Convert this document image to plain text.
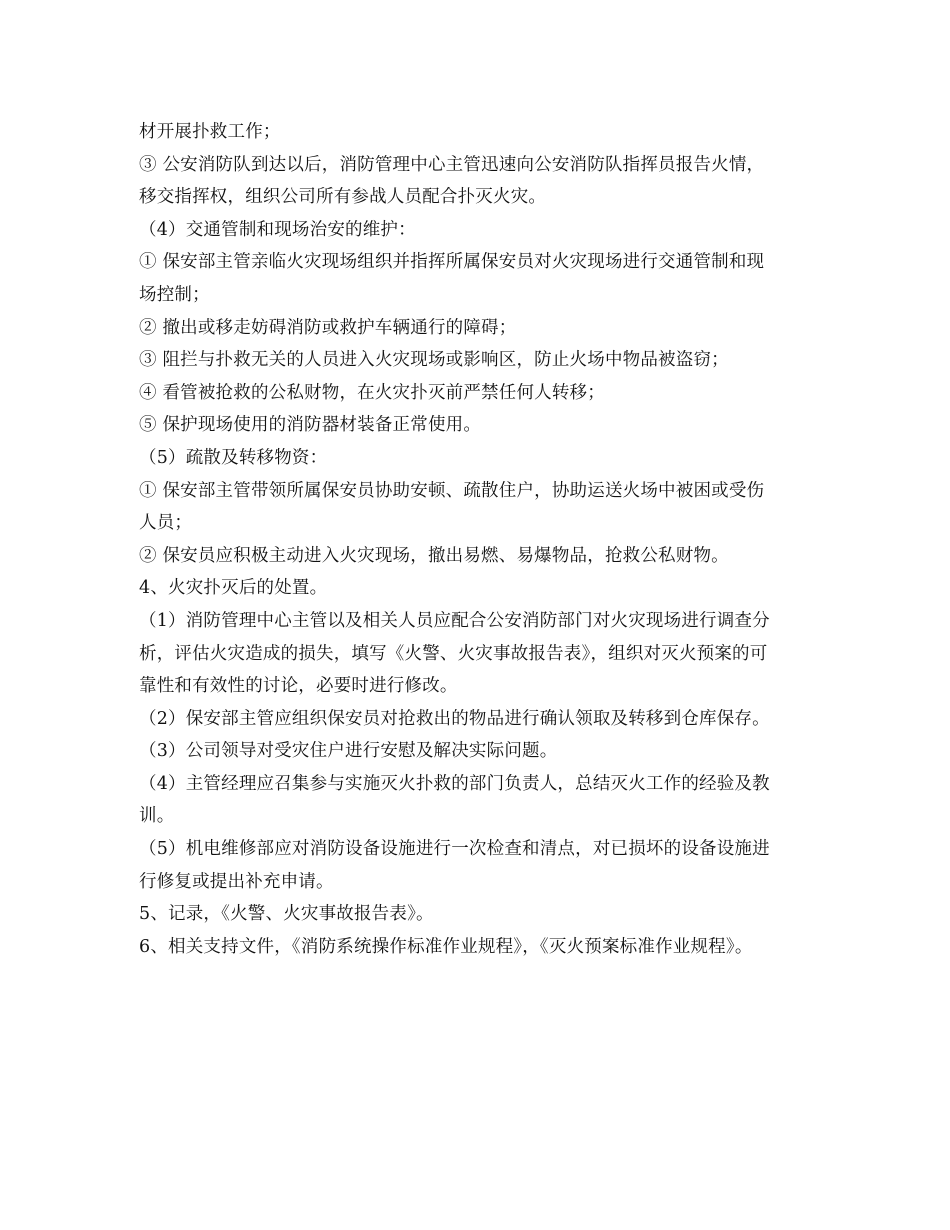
材开展扑救工作；
③ 公安消防队到达以后，消防管理中心主管迅速向公安消防队指挥员报告火情，
移交指挥权，组织公司所有参战人员配合扑灭火灾。
（4）交通管制和现场治安的维护：
① 保安部主管亲临火灾现场组织并指挥所属保安员对火灾现场进行交通管制和现
场控制；
② 撤出或移走妨碍消防或救护车辆通行的障碍；
③ 阻拦与扑救无关的人员进入火灾现场或影响区，防止火场中物品被盗窃；
④ 看管被抢救的公私财物，在火灾扑灭前严禁任何人转移；
⑤ 保护现场使用的消防器材装备正常使用。
（5）疏散及转移物资：
① 保安部主管带领所属保安员协助安顿、疏散住户，协助运送火场中被困或受伤
人员；
② 保安员应积极主动进入火灾现场，撤出易燃、易爆物品，抢救公私财物。
4、火灾扑灭后的处置。
（1）消防管理中心主管以及相关人员应配合公安消防部门对火灾现场进行调查分
析，评估火灾造成的损失，填写《火警、火灾事故报告表》，组织对灭火预案的可
靠性和有效性的讨论，必要时进行修改。
（2）保安部主管应组织保安员对抢救出的物品进行确认领取及转移到仓库保存。
（3）公司领导对受灾住户进行安慰及解决实际问题。
（4）主管经理应召集参与实施灭火扑救的部门负责人，总结灭火工作的经验及教
训。
（5）机电维修部应对消防设备设施进行一次检查和清点，对已损坏的设备设施进
行修复或提出补充申请。
5、记录，《火警、火灾事故报告表》。
6、相关支持文件，《消防系统操作标准作业规程》，《灭火预案标准作业规程》。
